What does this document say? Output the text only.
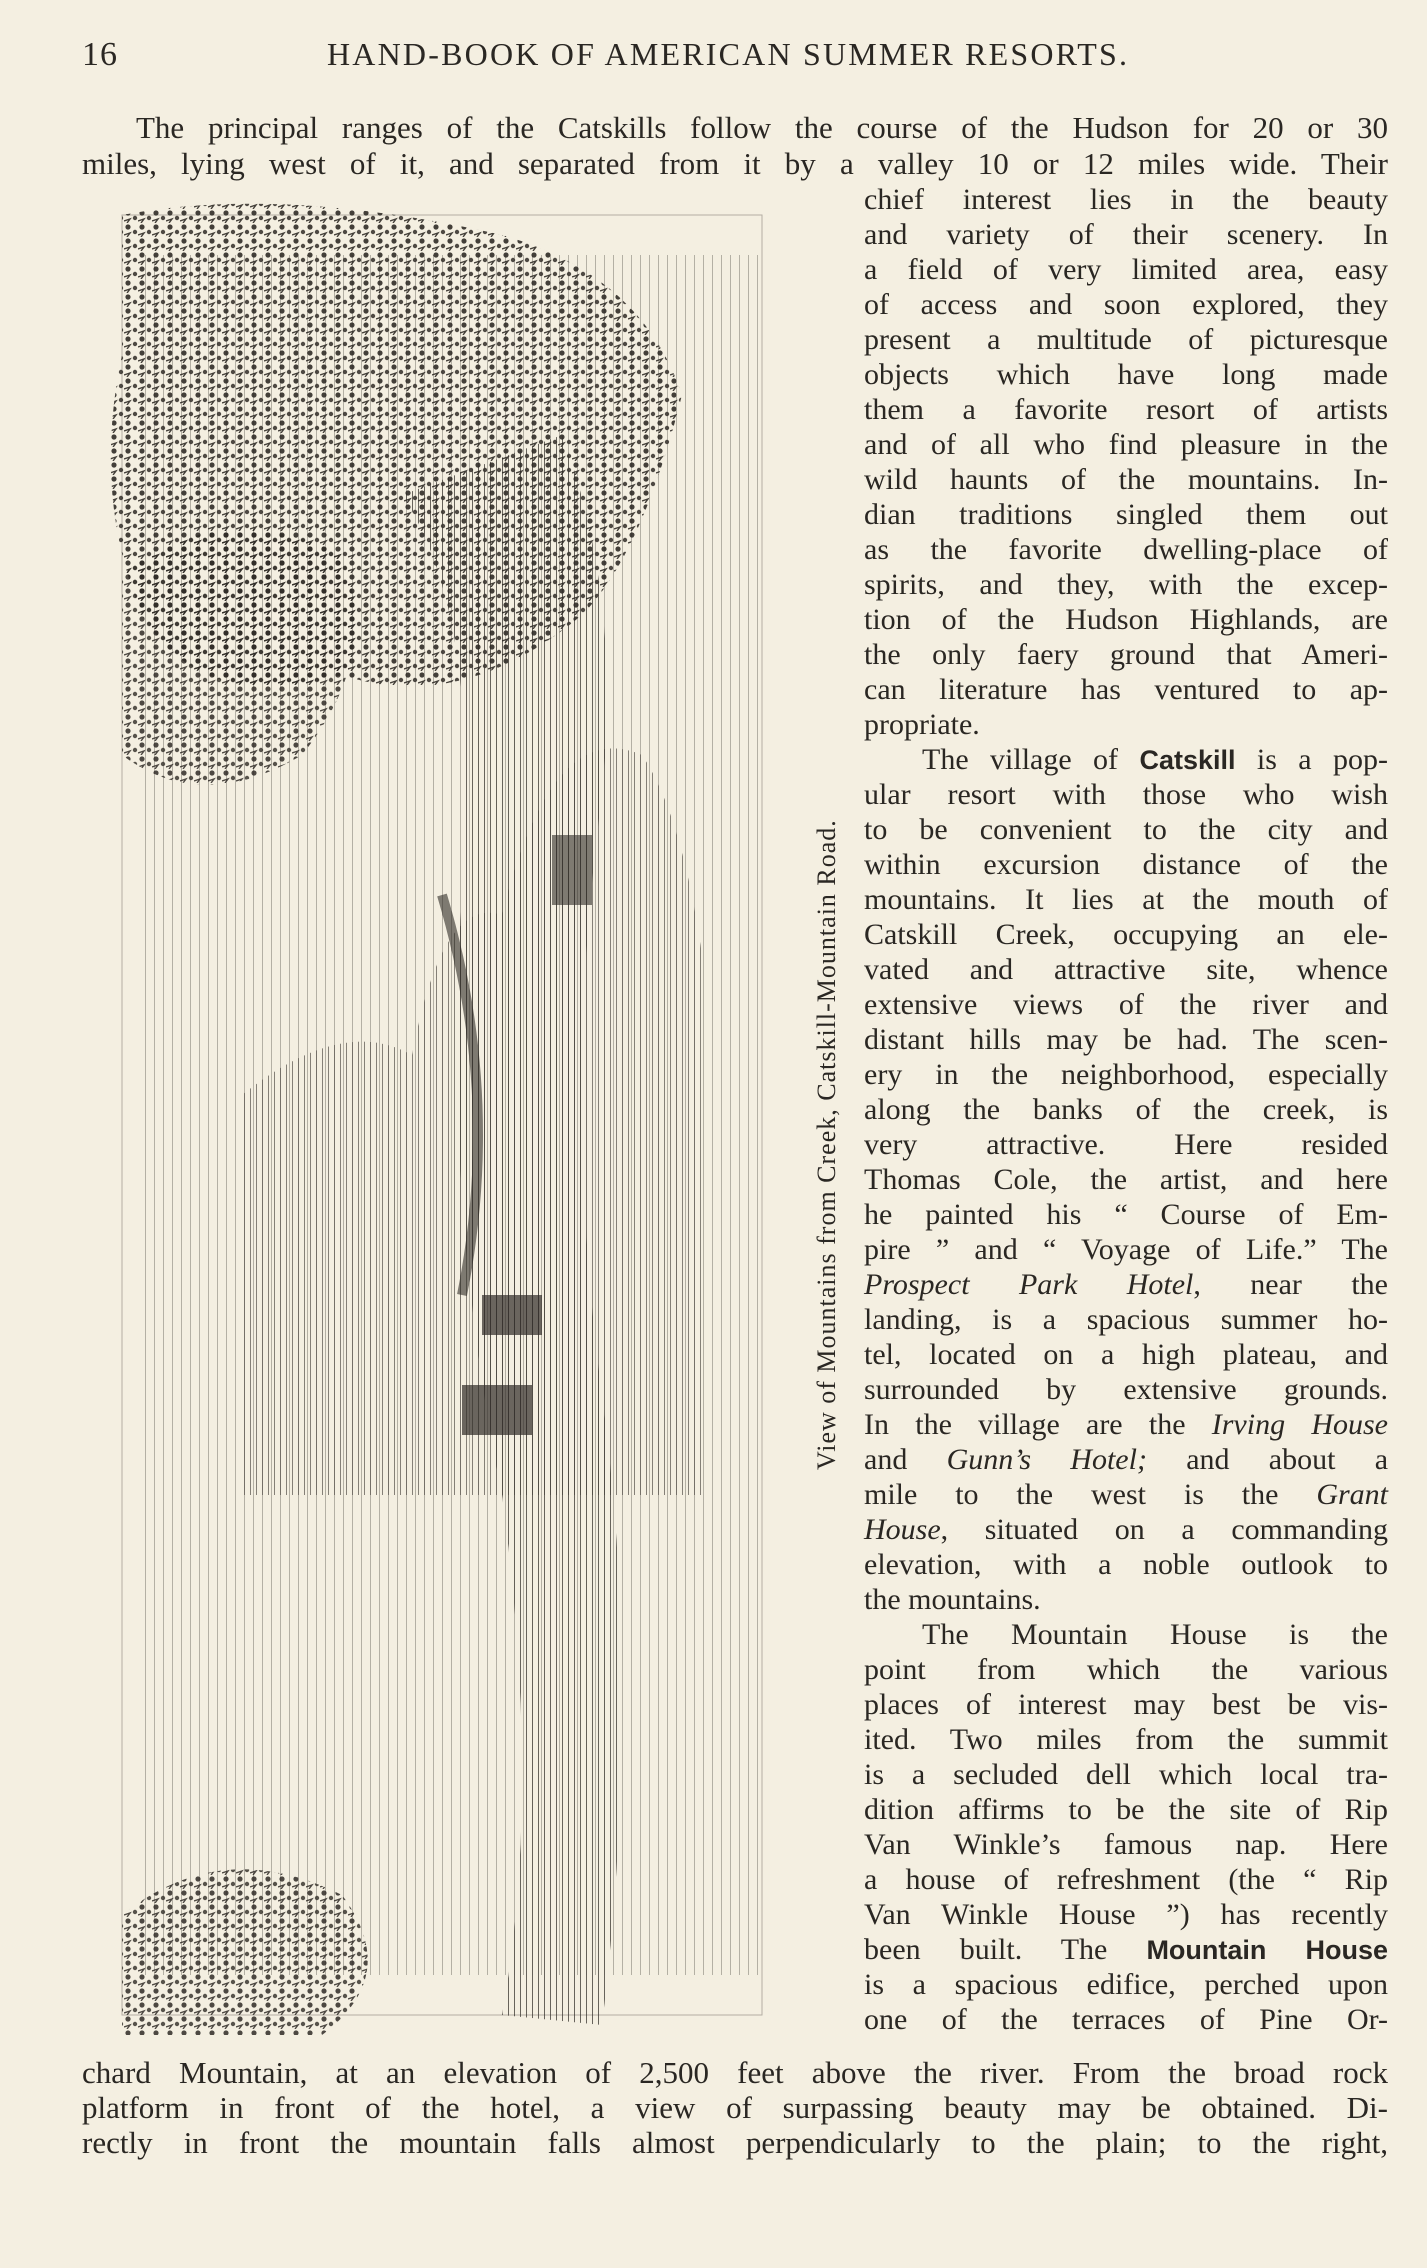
16	HAND-BOOK OF AMERICAN SUMMER RESORTS.
The principal ranges of the Catskills follow the course of the Hudson for 20 or 30
miles, lying west of it, and separated from it by a valley 10 or 12 miles wide. Their
View of Mountains from Creek, Catskill-Mountain Road.
chief interest lies in the beauty
and variety of their scenery. In
a field of very limited area, easy
of access and soon explored, they
present a multitude of picturesque
objects which have long made
them a favorite resort of artists
and of all who find pleasure in the
wild haunts of the mountains. In-
dian traditions singled them out
as the favorite dwelling-place of
spirits, and they, with the excep-
tion of the Hudson Highlands, are
the only faery ground that Ameri-
can literature has ventured to ap-
propriate.
The village of Catskill is a pop-
ular resort with those who wish
to be convenient to the city and
within excursion distance of the
mountains. It lies at the mouth of
Catskill Creek, occupying an ele-
vated and attractive site, whence
extensive views of the river and
distant hills may be had. The scen-
ery in the neighborhood, especially
along the banks of the creek, is
very attractive. Here resided
Thomas Cole, the artist, and here
he painted his “ Course of Em-
pire ” and “ Voyage of Life.” The
Prospect Park Hotel, near the
landing, is a spacious summer ho-
tel, located on a high plateau, and
surrounded by extensive grounds.
In the village are the Irving House
and Gunn’s Hotel; and about a
mile to the west is the Grant
House, situated on a commanding
elevation, with a noble outlook to
the mountains.
The Mountain House is the
point from which the various
places of interest may best be vis-
ited. Two miles from the summit
is a secluded dell which local tra-
dition affirms to be the site of Rip
Van Winkle’s famous nap. Here
a house of refreshment (the “ Rip
Van Winkle House ”) has recently
been built. The Mountain House
is a spacious edifice, perched upon
one of the terraces of Pine Or-
chard Mountain, at an elevation of 2,500 feet above the river. From the broad rock
platform in front of the hotel, a view of surpassing beauty may be obtained. Di-
rectly in front the mountain falls almost perpendicularly to the plain; to the right,
